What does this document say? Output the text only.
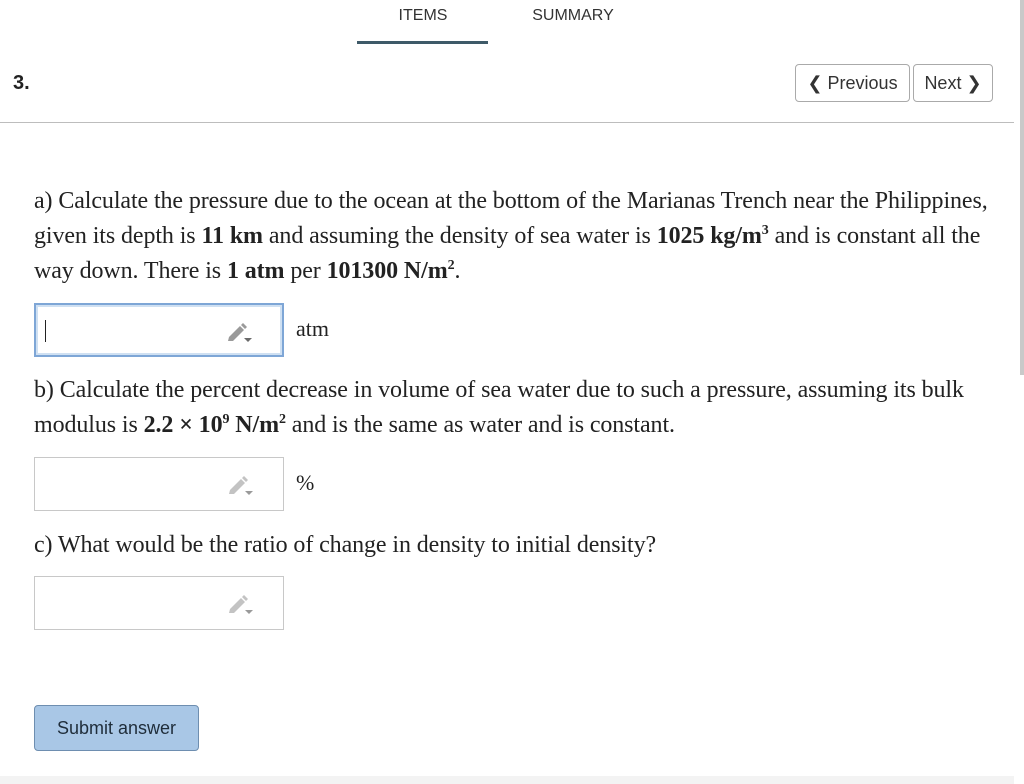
ITEMS	SUMMARY
3.	❮ Previous Next ❯
a) Calculate the pressure due to the ocean at the bottom of the Marianas Trench near the Philippines, given its depth is 11 km and assuming the density of sea water is 1025 $kg/m^3$ and is constant all the way down. There is 1 atm per 101300 $N/m^2$.
atm
b) Calculate the percent decrease in volume of sea water due to such a pressure, assuming its bulk modulus is $2.2 \times 10^9$ $N/m^2$ and is the same as water and is constant.
%
c) What would be the ratio of change in density to initial density?
Submit answer
